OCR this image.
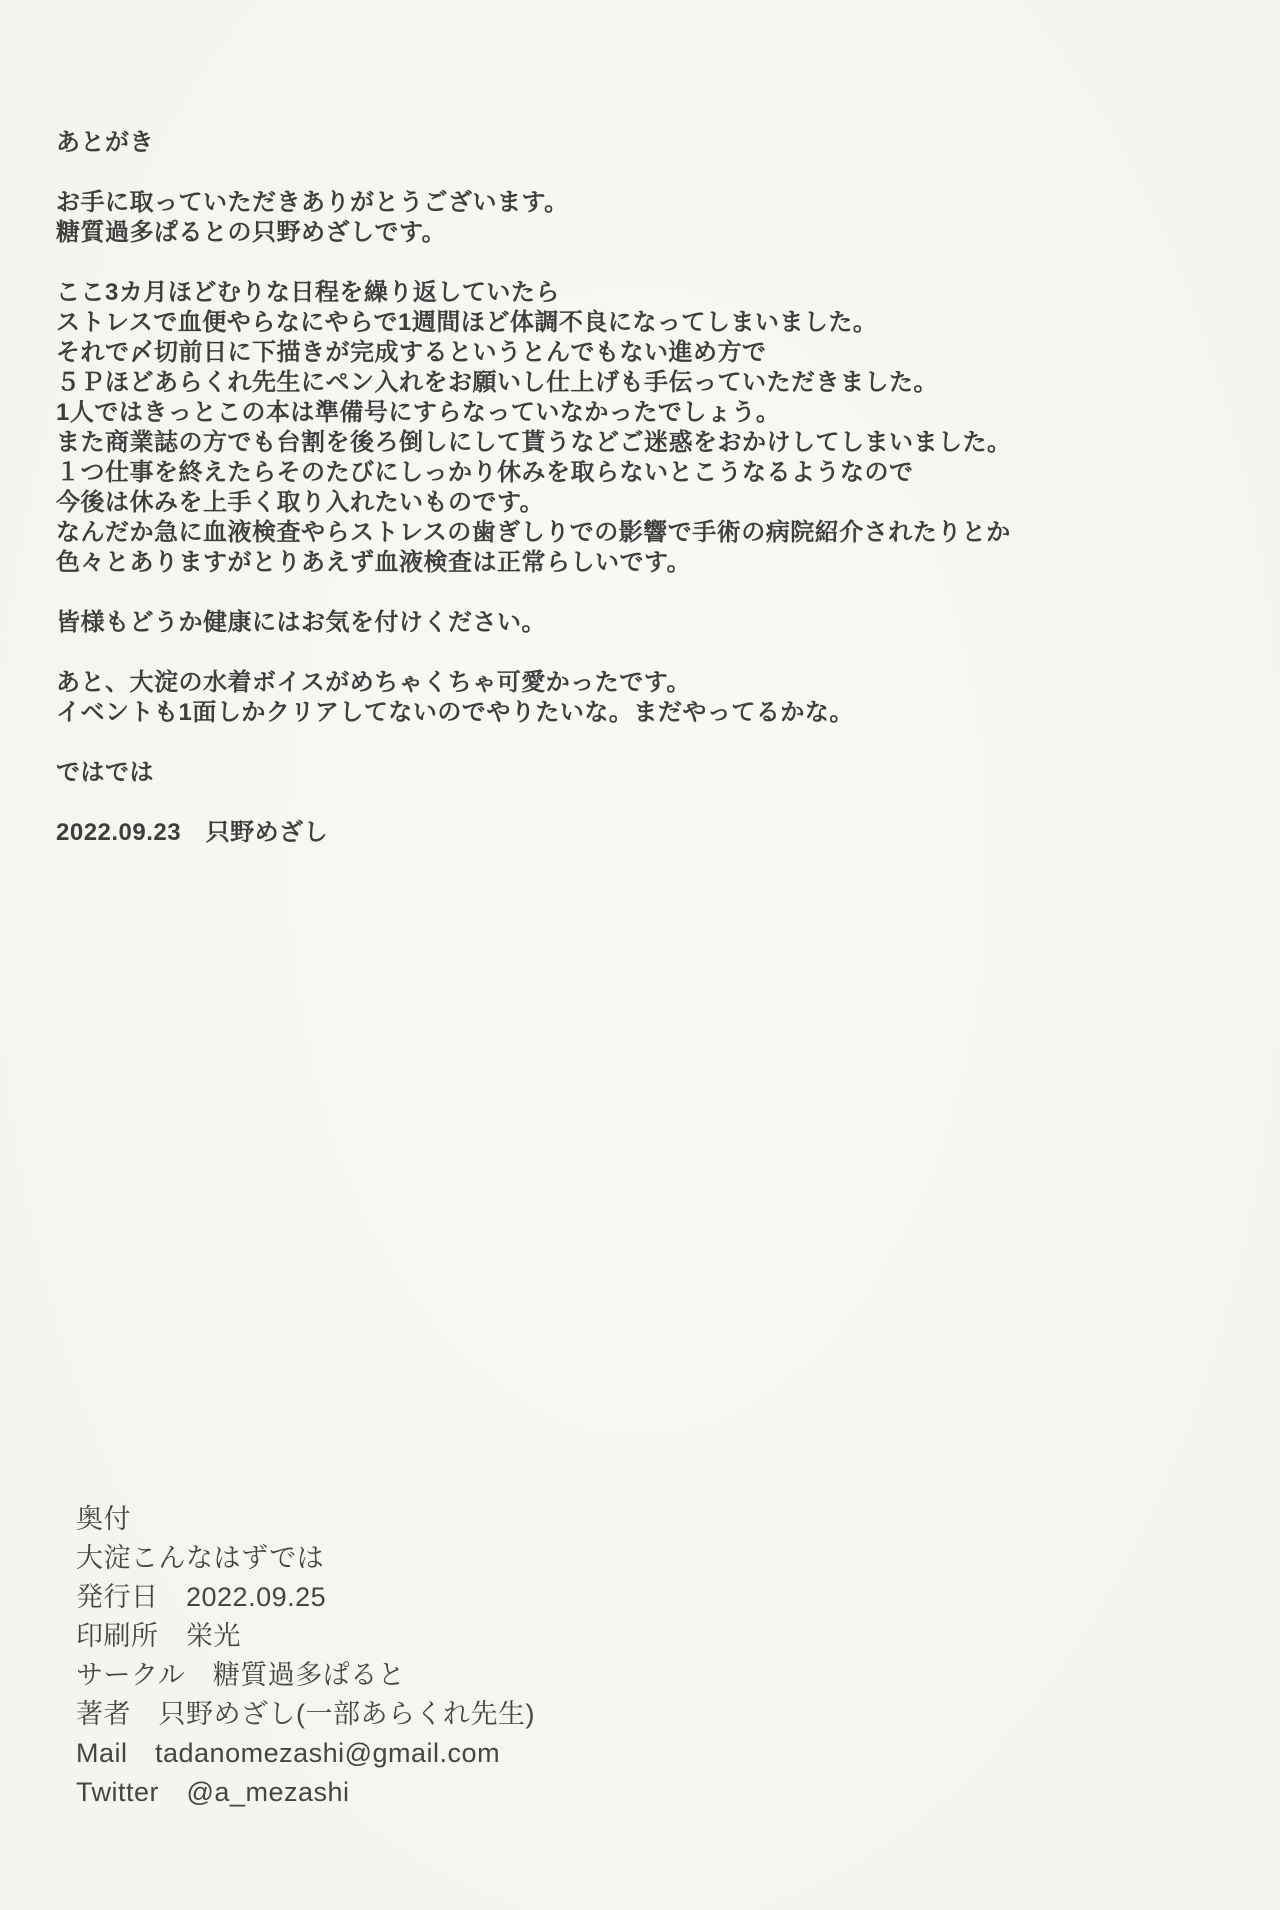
あとがき
お手に取っていただきありがとうございます。
糖質過多ぱるとの只野めざしです。
ここ3カ月ほどむりな日程を繰り返していたら
ストレスで血便やらなにやらで1週間ほど体調不良になってしまいました。
それで〆切前日に下描きが完成するというとんでもない進め方で
５Ｐほどあらくれ先生にペン入れをお願いし仕上げも手伝っていただきました。
1人ではきっとこの本は準備号にすらなっていなかったでしょう。
また商業誌の方でも台割を後ろ倒しにして貰うなどご迷惑をおかけしてしまいました。
１つ仕事を終えたらそのたびにしっかり休みを取らないとこうなるようなので
今後は休みを上手く取り入れたいものです。
なんだか急に血液検査やらストレスの歯ぎしりでの影響で手術の病院紹介されたりとか
色々とありますがとりあえず血液検査は正常らしいです。
皆様もどうか健康にはお気を付けください。
あと、大淀の水着ボイスがめちゃくちゃ可愛かったです。
イベントも1面しかクリアしてないのでやりたいな。まだやってるかな。
ではでは
2022.09.23　只野めざし
奥付
大淀こんなはずでは
発行日　2022.09.25
印刷所　栄光
サークル　糖質過多ぱると
著者　只野めざし(一部あらくれ先生)
Mail　tadanomezashi@gmail.com
Twitter　@a_mezashi
